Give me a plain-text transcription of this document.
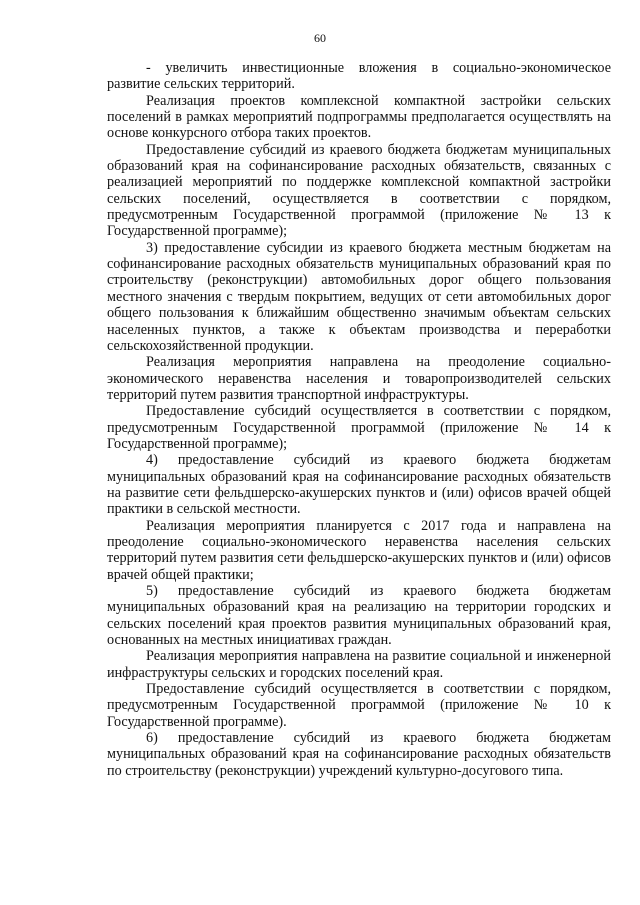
60

- увеличить инвестиционные вложения в социально-экономическое развитие сельских территорий.

Реализация проектов комплексной компактной застройки сельских поселений в рамках мероприятий подпрограммы предполагается осуществлять на основе конкурсного отбора таких проектов.

Предоставление субсидий из краевого бюджета бюджетам муниципальных образований края на софинансирование расходных обязательств, связанных с реализацией мероприятий по поддержке комплексной компактной застройки сельских поселений, осуществляется в соответствии с порядком, предусмотренным Государственной программой (приложение № 13 к Государственной программе);

3) предоставление субсидии из краевого бюджета местным бюджетам на софинансирование расходных обязательств муниципальных образований края по строительству (реконструкции) автомобильных дорог общего пользования местного значения с твердым покрытием, ведущих от сети автомобильных дорог общего пользования к ближайшим общественно значимым объектам сельских населенных пунктов, а также к объектам производства и переработки сельскохозяйственной продукции.

Реализация мероприятия направлена на преодоление социально-экономического неравенства населения и товаропроизводителей сельских территорий путем развития транспортной инфраструктуры.

Предоставление субсидий осуществляется в соответствии с порядком, предусмотренным Государственной программой (приложение № 14 к Государственной программе);

4) предоставление субсидий из краевого бюджета бюджетам муниципальных образований края на софинансирование расходных обязательств на развитие сети фельдшерско-акушерских пунктов и (или) офисов врачей общей практики в сельской местности.

Реализация мероприятия планируется с 2017 года и направлена на преодоление социально-экономического неравенства населения сельских территорий путем развития сети фельдшерско-акушерских пунктов и (или) офисов врачей общей практики;

5) предоставление субсидий из краевого бюджета бюджетам муниципальных образований края на реализацию на территории городских и сельских поселений края проектов развития муниципальных образований края, основанных на местных инициативах граждан.

Реализация мероприятия направлена на развитие социальной и инженерной инфраструктуры сельских и городских поселений края.

Предоставление субсидий осуществляется в соответствии с порядком, предусмотренным Государственной программой (приложение № 10 к Государственной программе).

6) предоставление субсидий из краевого бюджета бюджетам муниципальных образований края на софинансирование расходных обязательств по строительству (реконструкции) учреждений культурно-досугового типа.
